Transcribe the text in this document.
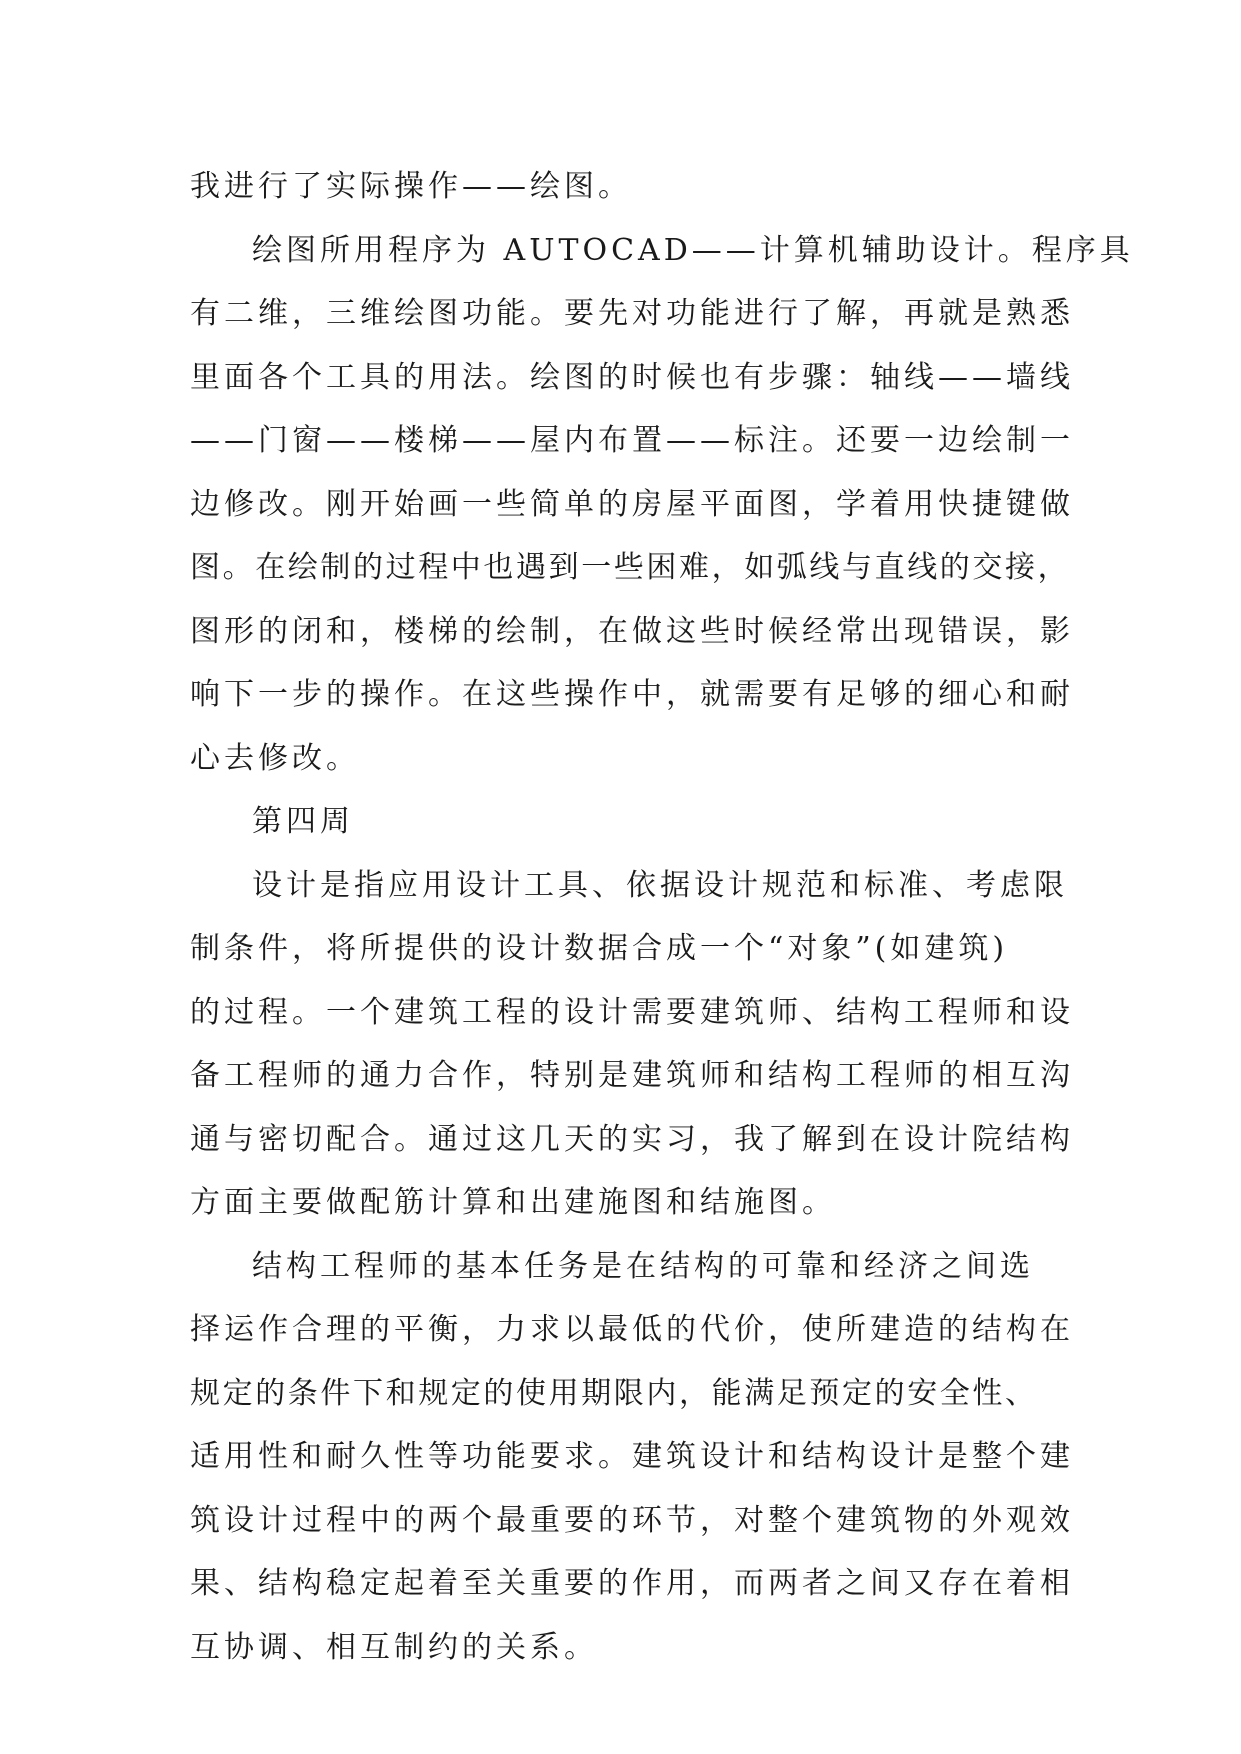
我进行了实际操作——绘图。
绘图所用程序为 AUTOCAD——计算机辅助设计。程序具
有二维，三维绘图功能。要先对功能进行了解，再就是熟悉
里面各个工具的用法。绘图的时候也有步骤：轴线——墙线
——门窗——楼梯——屋内布置——标注。还要一边绘制一
边修改。刚开始画一些简单的房屋平面图，学着用快捷键做
图。在绘制的过程中也遇到一些困难，如弧线与直线的交接，
图形的闭和，楼梯的绘制，在做这些时候经常出现错误，影
响下一步的操作。在这些操作中，就需要有足够的细心和耐
心去修改。
第四周
设计是指应用设计工具、依据设计规范和标准、考虑限
制条件，将所提供的设计数据合成一个“对象”(如建筑)
的过程。一个建筑工程的设计需要建筑师、结构工程师和设
备工程师的通力合作，特别是建筑师和结构工程师的相互沟
通与密切配合。通过这几天的实习，我了解到在设计院结构
方面主要做配筋计算和出建施图和结施图。
结构工程师的基本任务是在结构的可靠和经济之间选
择运作合理的平衡，力求以最低的代价，使所建造的结构在
规定的条件下和规定的使用期限内，能满足预定的安全性、
适用性和耐久性等功能要求。建筑设计和结构设计是整个建
筑设计过程中的两个最重要的环节，对整个建筑物的外观效
果、结构稳定起着至关重要的作用，而两者之间又存在着相
互协调、相互制约的关系。
